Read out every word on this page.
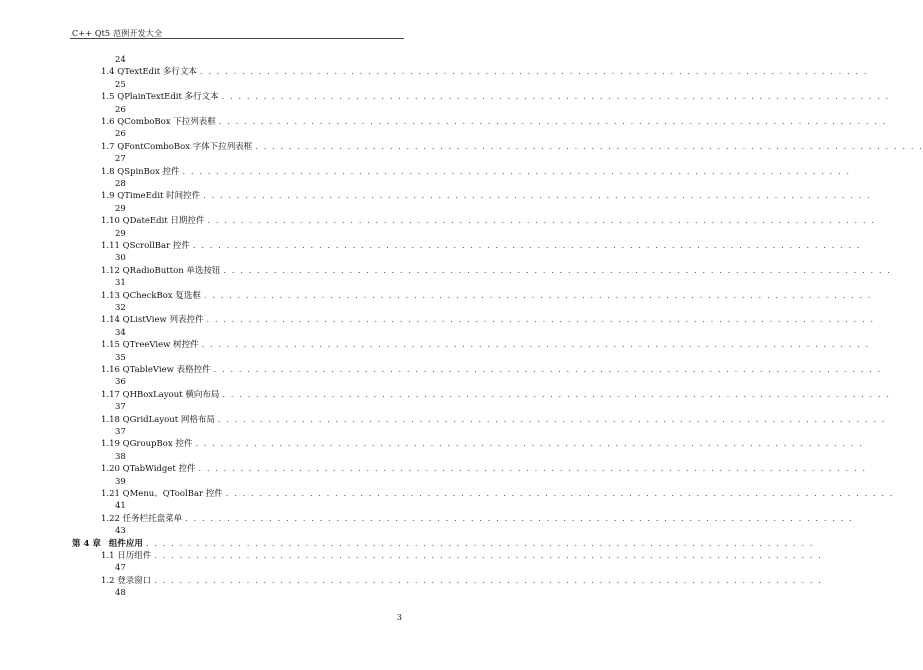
C++ Qt5 范例开发大全
24
1.4 QTextEdit 多行文本 . . . . . . . . . . . . . . . . . . . . . . . . . . . . . . . . . . . . . . . . . . . . . . . . . . . . . . . . . . . . . . . . . . . . . . . . . . . . . . . .
25
1.5 QPlainTextEdit 多行文本 . . . . . . . . . . . . . . . . . . . . . . . . . . . . . . . . . . . . . . . . . . . . . . . . . . . . . . . . . . . . . . . . . . . . . . . . . . . . . . . .
26
1.6 QComboBox 下拉列表框 . . . . . . . . . . . . . . . . . . . . . . . . . . . . . . . . . . . . . . . . . . . . . . . . . . . . . . . . . . . . . . . . . . . . . . . . . . . . . . . .
26
1.7 QFontComboBox 字体下拉列表框 . . . . . . . . . . . . . . . . . . . . . . . . . . . . . . . . . . . . . . . . . . . . . . . . . . . . . . . . . . . . . . . . . . . . . . . . . . . . . . . .
27
1.8 QSpinBox 控件 . . . . . . . . . . . . . . . . . . . . . . . . . . . . . . . . . . . . . . . . . . . . . . . . . . . . . . . . . . . . . . . . . . . . . . . . . . . . . . . .
28
1.9 QTimeEdit 时间控件 . . . . . . . . . . . . . . . . . . . . . . . . . . . . . . . . . . . . . . . . . . . . . . . . . . . . . . . . . . . . . . . . . . . . . . . . . . . . . . . .
29
1.10 QDateEdit 日期控件 . . . . . . . . . . . . . . . . . . . . . . . . . . . . . . . . . . . . . . . . . . . . . . . . . . . . . . . . . . . . . . . . . . . . . . . . . . . . . . . .
29
1.11 QScrollBar 控件 . . . . . . . . . . . . . . . . . . . . . . . . . . . . . . . . . . . . . . . . . . . . . . . . . . . . . . . . . . . . . . . . . . . . . . . . . . . . . . . .
30
1.12 QRadioButton 单选按钮 . . . . . . . . . . . . . . . . . . . . . . . . . . . . . . . . . . . . . . . . . . . . . . . . . . . . . . . . . . . . . . . . . . . . . . . . . . . . . . . .
31
1.13 QCheckBox 复选框 . . . . . . . . . . . . . . . . . . . . . . . . . . . . . . . . . . . . . . . . . . . . . . . . . . . . . . . . . . . . . . . . . . . . . . . . . . . . . . . .
32
1.14 QListView 列表控件 . . . . . . . . . . . . . . . . . . . . . . . . . . . . . . . . . . . . . . . . . . . . . . . . . . . . . . . . . . . . . . . . . . . . . . . . . . . . . . . .
34
1.15 QTreeView 树控件 . . . . . . . . . . . . . . . . . . . . . . . . . . . . . . . . . . . . . . . . . . . . . . . . . . . . . . . . . . . . . . . . . . . . . . . . . . . . . . . .
35
1.16 QTableView 表格控件 . . . . . . . . . . . . . . . . . . . . . . . . . . . . . . . . . . . . . . . . . . . . . . . . . . . . . . . . . . . . . . . . . . . . . . . . . . . . . . . .
36
1.17 QHBoxLayout 横向布局 . . . . . . . . . . . . . . . . . . . . . . . . . . . . . . . . . . . . . . . . . . . . . . . . . . . . . . . . . . . . . . . . . . . . . . . . . . . . . . . .
37
1.18 QGridLayout 网格布局 . . . . . . . . . . . . . . . . . . . . . . . . . . . . . . . . . . . . . . . . . . . . . . . . . . . . . . . . . . . . . . . . . . . . . . . . . . . . . . . .
37
1.19 QGroupBox 控件 . . . . . . . . . . . . . . . . . . . . . . . . . . . . . . . . . . . . . . . . . . . . . . . . . . . . . . . . . . . . . . . . . . . . . . . . . . . . . . . .
38
1.20 QTabWidget 控件 . . . . . . . . . . . . . . . . . . . . . . . . . . . . . . . . . . . . . . . . . . . . . . . . . . . . . . . . . . . . . . . . . . . . . . . . . . . . . . . .
39
1.21 QMenu、QToolBar 控件 . . . . . . . . . . . . . . . . . . . . . . . . . . . . . . . . . . . . . . . . . . . . . . . . . . . . . . . . . . . . . . . . . . . . . . . . . . . . . . . .
41
1.22 任务栏托盘菜单 . . . . . . . . . . . . . . . . . . . . . . . . . . . . . . . . . . . . . . . . . . . . . . . . . . . . . . . . . . . . . . . . . . . . . . . . . . . . . . . .
43
第 4 章 组件应用 . . . . . . . . . . . . . . . . . . . . . . . . . . . . . . . . . . . . . . . . . . . . . . . . . . . . . . . . . . . . . . . . . . . . . . . . . . . . . . . .
1.1 日历组件 . . . . . . . . . . . . . . . . . . . . . . . . . . . . . . . . . . . . . . . . . . . . . . . . . . . . . . . . . . . . . . . . . . . . . . . . . . . . . . . .
47
1.2 登录窗口 . . . . . . . . . . . . . . . . . . . . . . . . . . . . . . . . . . . . . . . . . . . . . . . . . . . . . . . . . . . . . . . . . . . . . . . . . . . . . . . .
48
3
